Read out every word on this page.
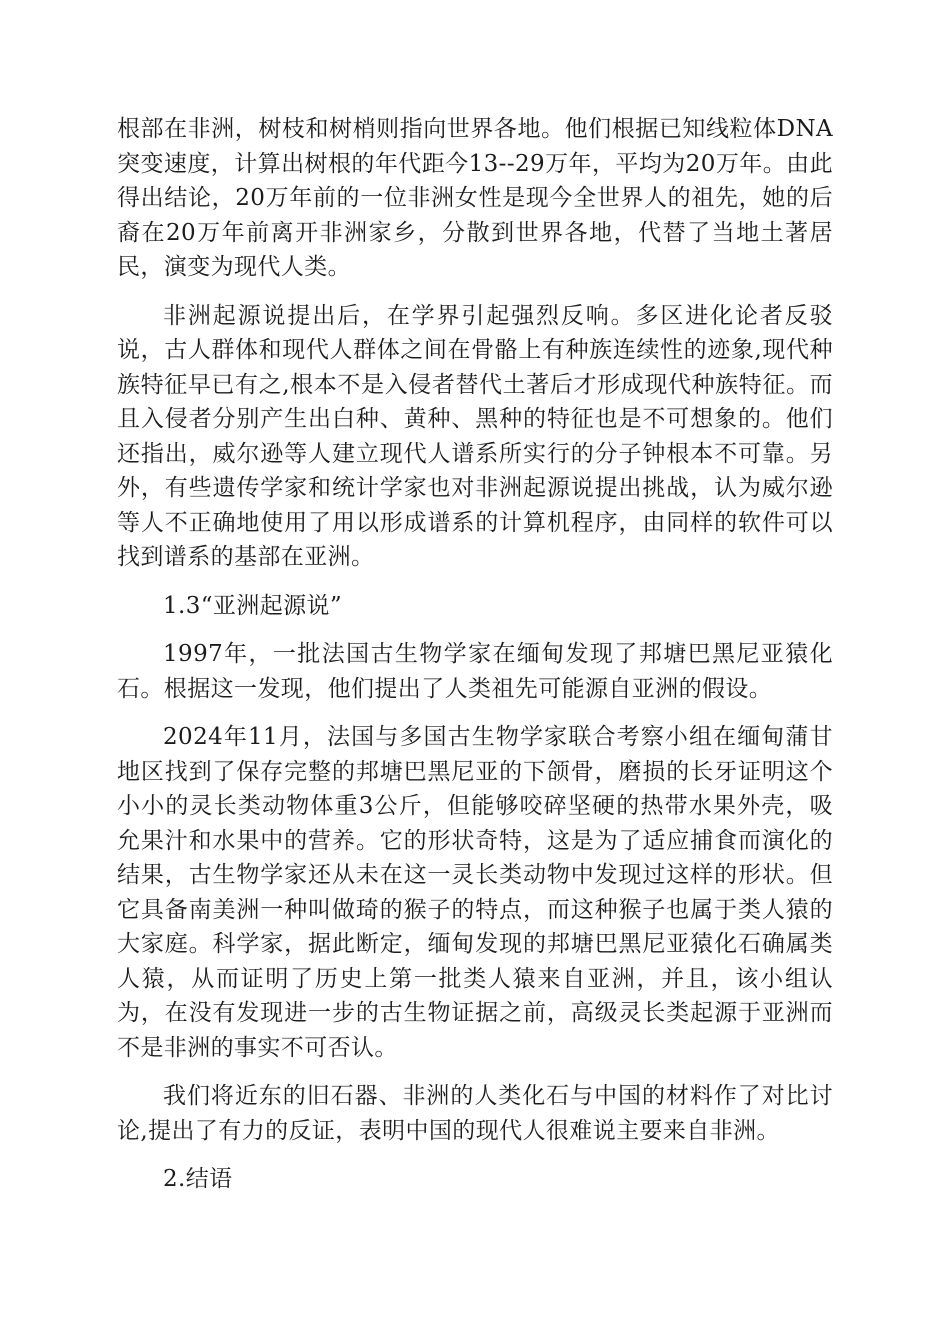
根部在非洲，树枝和树梢则指向世界各地。他们根据已知线粒体DNA突变速度，计算出树根的年代距今13--29万年，平均为20万年。由此得出结论，20万年前的一位非洲女性是现今全世界人的祖先，她的后裔在20万年前离开非洲家乡，分散到世界各地，代替了当地土著居民，演变为现代人类。

非洲起源说提出后，在学界引起强烈反响。多区进化论者反驳说，古人群体和现代人群体之间在骨骼上有种族连续性的迹象,现代种族特征早已有之,根本不是入侵者替代土著后才形成现代种族特征。而且入侵者分别产生出白种、黄种、黑种的特征也是不可想象的。他们还指出，威尔逊等人建立现代人谱系所实行的分子钟根本不可靠。另外，有些遗传学家和统计学家也对非洲起源说提出挑战，认为威尔逊等人不正确地使用了用以形成谱系的计算机程序，由同样的软件可以找到谱系的基部在亚洲。

1.3“亚洲起源说”

1997年，一批法国古生物学家在缅甸发现了邦塘巴黑尼亚猿化石。根据这一发现，他们提出了人类祖先可能源自亚洲的假设。

2024年11月，法国与多国古生物学家联合考察小组在缅甸蒲甘地区找到了保存完整的邦塘巴黑尼亚的下颌骨，磨损的长牙证明这个小小的灵长类动物体重3公斤，但能够咬碎坚硬的热带水果外壳，吸允果汁和水果中的营养。它的形状奇特，这是为了适应捕食而演化的结果，古生物学家还从未在这一灵长类动物中发现过这样的形状。但它具备南美洲一种叫做琦的猴子的特点，而这种猴子也属于类人猿的大家庭。科学家，据此断定，缅甸发现的邦塘巴黑尼亚猿化石确属类人猿，从而证明了历史上第一批类人猿来自亚洲，并且，该小组认为，在没有发现进一步的古生物证据之前，高级灵长类起源于亚洲而不是非洲的事实不可否认。

我们将近东的旧石器、非洲的人类化石与中国的材料作了对比讨论,提出了有力的反证，表明中国的现代人很难说主要来自非洲。

2.结语
